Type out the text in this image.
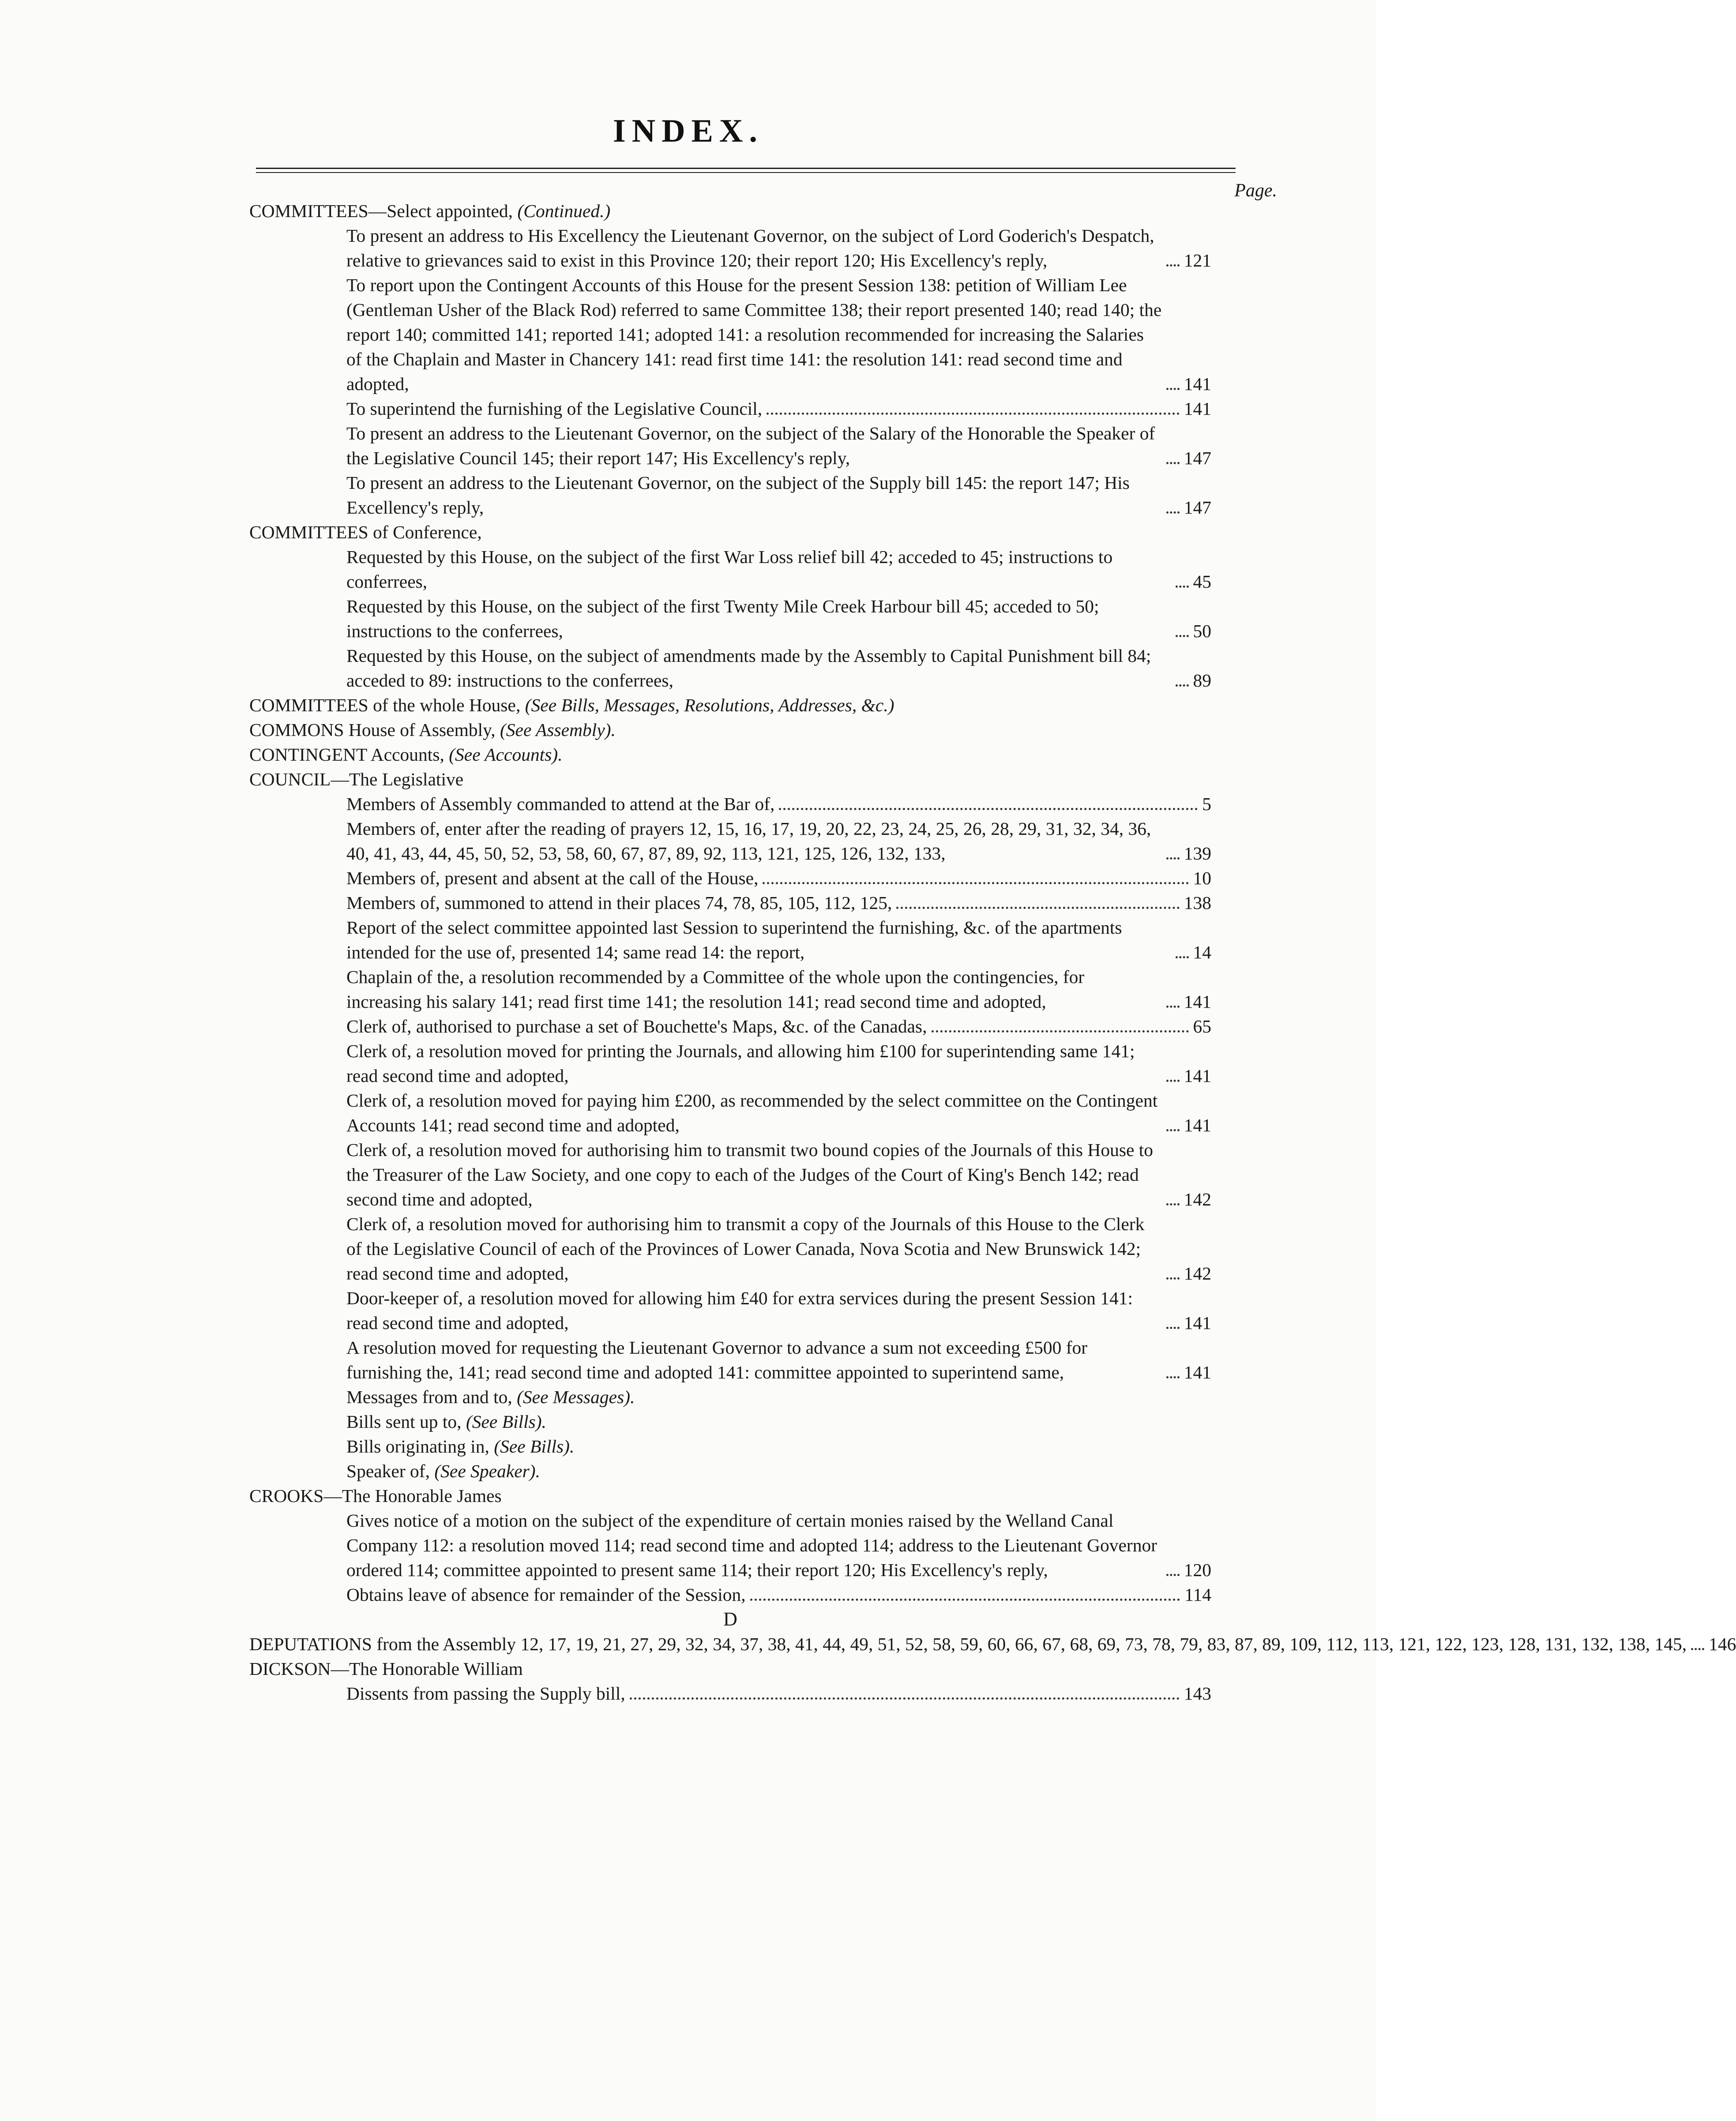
INDEX.
Page.
COMMITTEES—Select appointed, (Continued.)
To present an address to His Excellency the Lieutenant Governor, on the subject of Lord Goderich's Despatch, relative to grievances said to exist in this Province 120; their report 120; His Excellency's reply,	121
To report upon the Contingent Accounts of this House for the present Session 138: petition of William Lee (Gentleman Usher of the Black Rod) referred to same Committee 138; their report presented 140; read 140; the report 140; committed 141; reported 141; adopted 141: a resolution recommended for increasing the Salaries of the Chaplain and Master in Chancery 141: read first time 141: the resolution 141: read second time and adopted,	141
To superintend the furnishing of the Legislative Council,	141
To present an address to the Lieutenant Governor, on the subject of the Salary of the Honorable the Speaker of the Legislative Council 145; their report 147; His Excellency's reply,	147
To present an address to the Lieutenant Governor, on the subject of the Supply bill 145: the report 147; His Excellency's reply,	147
COMMITTEES of Conference,
Requested by this House, on the subject of the first War Loss relief bill 42; acceded to 45; instructions to conferrees,	45
Requested by this House, on the subject of the first Twenty Mile Creek Harbour bill 45; acceded to 50; instructions to the conferrees,	50
Requested by this House, on the subject of amendments made by the Assembly to Capital Punishment bill 84; acceded to 89: instructions to the conferrees,	89
COMMITTEES of the whole House, (See Bills, Messages, Resolutions, Addresses, &c.)
COMMONS House of Assembly, (See Assembly).
CONTINGENT Accounts, (See Accounts).
COUNCIL—The Legislative
Members of Assembly commanded to attend at the Bar of,	5
Members of, enter after the reading of prayers 12, 15, 16, 17, 19, 20, 22, 23, 24, 25, 26, 28, 29, 31, 32, 34, 36, 40, 41, 43, 44, 45, 50, 52, 53, 58, 60, 67, 87, 89, 92, 113, 121, 125, 126, 132, 133,	139
Members of, present and absent at the call of the House,	10
Members of, summoned to attend in their places 74, 78, 85, 105, 112, 125,	138
Report of the select committee appointed last Session to superintend the furnishing, &c. of the apartments intended for the use of, presented 14; same read 14: the report,	14
Chaplain of the, a resolution recommended by a Committee of the whole upon the contingencies, for increasing his salary 141; read first time 141; the resolution 141; read second time and adopted,	141
Clerk of, authorised to purchase a set of Bouchette's Maps, &c. of the Canadas,	65
Clerk of, a resolution moved for printing the Journals, and allowing him £100 for superintending same 141; read second time and adopted,	141
Clerk of, a resolution moved for paying him £200, as recommended by the select committee on the Contingent Accounts 141; read second time and adopted,	141
Clerk of, a resolution moved for authorising him to transmit two bound copies of the Journals of this House to the Treasurer of the Law Society, and one copy to each of the Judges of the Court of King's Bench 142; read second time and adopted,	142
Clerk of, a resolution moved for authorising him to transmit a copy of the Journals of this House to the Clerk of the Legislative Council of each of the Provinces of Lower Canada, Nova Scotia and New Brunswick 142; read second time and adopted,	142
Door-keeper of, a resolution moved for allowing him £40 for extra services during the present Session 141: read second time and adopted,	141
A resolution moved for requesting the Lieutenant Governor to advance a sum not exceeding £500 for furnishing the, 141; read second time and adopted 141: committee appointed to superintend same,	141
Messages from and to, (See Messages).
Bills sent up to, (See Bills).
Bills originating in, (See Bills).
Speaker of, (See Speaker).
CROOKS—The Honorable James
Gives notice of a motion on the subject of the expenditure of certain monies raised by the Welland Canal Company 112: a resolution moved 114; read second time and adopted 114; address to the Lieutenant Governor ordered 114; committee appointed to present same 114; their report 120; His Excellency's reply,	120
Obtains leave of absence for remainder of the Session,	114
D
DEPUTATIONS from the Assembly 12, 17, 19, 21, 27, 29, 32, 34, 37, 38, 41, 44, 49, 51, 52, 58, 59, 60, 66, 67, 68, 69, 73, 78, 79, 83, 87, 89, 109, 112, 113, 121, 122, 123, 128, 131, 132, 138, 145, 146
DICKSON—The Honorable William
Dissents from passing the Supply bill,	143
